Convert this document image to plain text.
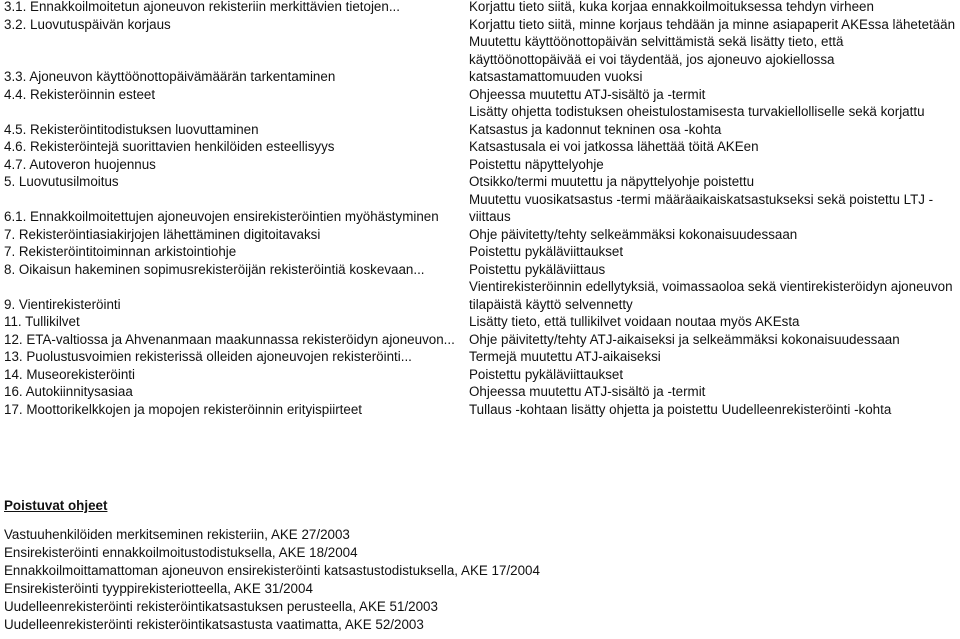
3.1. Ennakkoilmoitetun ajoneuvon rekisteriin merkittävien tietojen...	Korjattu tieto siitä, kuka korjaa ennakkoilmoituksessa tehdyn virheen
3.2. Luovutuspäivän korjaus	Korjattu tieto siitä, minne korjaus tehdään ja minne asiapaperit AKEssa lähetetään
3.3. Ajoneuvon käyttöönottopäivämäärän tarkentaminen	Muutettu käyttöönottopäivän selvittämistä sekä lisätty tieto, että käyttöönottopäivää ei voi täydentää, jos ajoneuvo ajokiellossa katsastamattomuuden vuoksi
4.4. Rekisteröinnin esteet	Ohjeessa muutettu ATJ-sisältö ja -termit
4.5. Rekisteröintitodistuksen luovuttaminen	Lisätty ohjetta todistuksen oheistulostamisesta turvakiellolliselle sekä korjattu Katsastus ja kadonnut tekninen osa -kohta
4.6. Rekisteröintejä suorittavien henkilöiden esteellisyys	Katsastusala ei voi jatkossa lähettää töitä AKEen
4.7. Autoveron huojennus	Poistettu näpyttelyohje
5. Luovutusilmoitus	Otsikko/termi muutettu ja näpyttelyohje poistettu
6.1. Ennakkoilmoitettujen ajoneuvojen ensirekisteröintien myöhästyminen	Muutettu vuosikatsastus -termi määräaikaiskatsastukseksi sekä poistettu LTJ -viittaus
7. Rekisteröintiasiakirjojen lähettäminen digitoitavaksi	Ohje päivitetty/tehty selkeämmäksi kokonaisuudessaan
7. Rekisteröintitoiminnan arkistointiohje	Poistettu pykäläviittaukset
8. Oikaisun hakeminen sopimusrekisteröijän rekisteröintiä koskevaan...	Poistettu pykäläviittaus
9. Vientirekisteröinti	Vientirekisteröinnin edellytyksiä, voimassaoloa sekä vientirekisteröidyn ajoneuvon tilapäistä käyttö selvennetty
11. Tullikilvet	Lisätty tieto, että tullikilvet voidaan noutaa myös AKEsta
12. ETA-valtiossa ja Ahvenanmaan maakunnassa rekisteröidyn ajoneuvon...	Ohje päivitetty/tehty ATJ-aikaiseksi ja selkeämmäksi kokonaisuudessaan
13. Puolustusvoimien rekisterissä olleiden ajoneuvojen rekisteröinti...	Termejä muutettu ATJ-aikaiseksi
14. Museorekisteröinti	Poistettu pykäläviittaukset
16. Autokiinnitysasiaa	Ohjeessa muutettu ATJ-sisältö ja -termit
17. Moottorikelkkojen ja mopojen rekisteröinnin erityispiirteet	Tullaus -kohtaan lisätty ohjetta ja poistettu Uudelleenrekisteröinti -kohta
Poistuvat ohjeet
Vastuuhenkilöiden merkitseminen rekisteriin, AKE 27/2003
Ensirekisteröinti ennakkoilmoitustodistuksella, AKE 18/2004
Ennakkoilmoittamattoman ajoneuvon ensirekisteröinti katsastustodistuksella, AKE 17/2004
Ensirekisteröinti tyyppirekisteriotteella, AKE 31/2004
Uudelleenrekisteröinti rekisteröintikatsastuksen perusteella, AKE 51/2003
Uudelleenrekisteröinti rekisteröintikatsastusta vaatimatta, AKE 52/2003
